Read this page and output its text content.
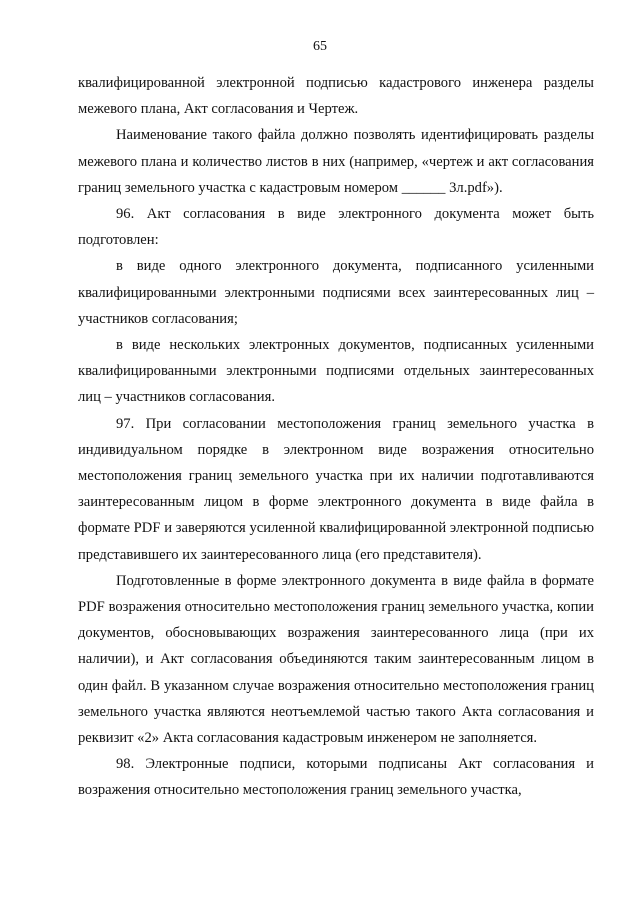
65

квалифицированной электронной подписью кадастрового инженера разделы межевого плана, Акт согласования и Чертеж.

Наименование такого файла должно позволять идентифицировать разделы межевого плана и количество листов в них (например, «чертеж и акт согласования границ земельного участка с кадастровым номером ______ 3л.pdf»).

96. Акт согласования в виде электронного документа может быть подготовлен:

в виде одного электронного документа, подписанного усиленными квалифицированными электронными подписями всех заинтересованных лиц – участников согласования;

в виде нескольких электронных документов, подписанных усиленными квалифицированными электронными подписями отдельных заинтересованных лиц – участников согласования.

97. При согласовании местоположения границ земельного участка в индивидуальном порядке в электронном виде возражения относительно местоположения границ земельного участка при их наличии подготавливаются заинтересованным лицом в форме электронного документа в виде файла в формате PDF и заверяются усиленной квалифицированной электронной подписью представившего их заинтересованного лица (его представителя).

Подготовленные в форме электронного документа в виде файла в формате PDF возражения относительно местоположения границ земельного участка, копии документов, обосновывающих возражения заинтересованного лица (при их наличии), и Акт согласования объединяются таким заинтересованным лицом в один файл. В указанном случае возражения относительно местоположения границ земельного участка являются неотъемлемой частью такого Акта согласования и реквизит «2» Акта согласования кадастровым инженером не заполняется.

98. Электронные подписи, которыми подписаны Акт согласования и возражения относительно местоположения границ земельного участка,
